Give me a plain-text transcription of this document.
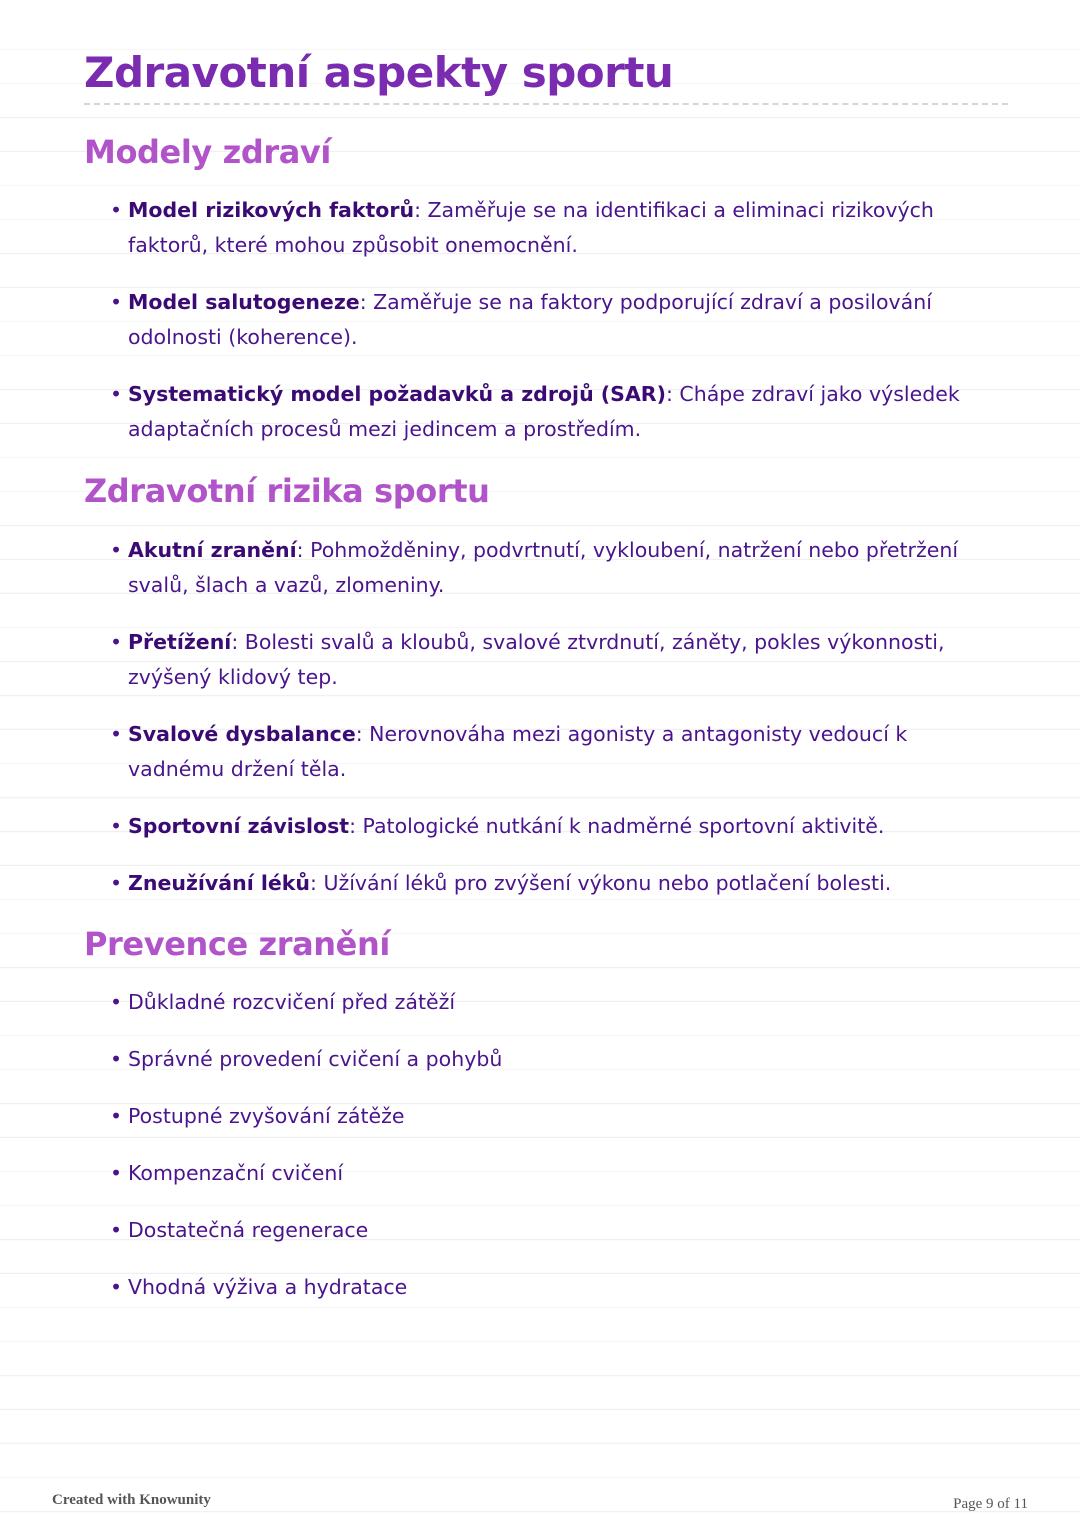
Zdravotní aspekty sportu
Modely zdraví
• Model rizikových faktorů: Zaměřuje se na identifikaci a eliminaci rizikových
faktorů, které mohou způsobit onemocnění.
• Model salutogeneze: Zaměřuje se na faktory podporující zdraví a posilování
odolnosti (koherence).
• Systematický model požadavků a zdrojů (SAR): Chápe zdraví jako výsledek
adaptačních procesů mezi jedincem a prostředím.
Zdravotní rizika sportu
• Akutní zranění: Pohmožděniny, podvrtnutí, vykloubení, natržení nebo přetržení
svalů, šlach a vazů, zlomeniny.
• Přetížení: Bolesti svalů a kloubů, svalové ztvrdnutí, záněty, pokles výkonnosti,
zvýšený klidový tep.
• Svalové dysbalance: Nerovnováha mezi agonisty a antagonisty vedoucí k
vadnému držení těla.
• Sportovní závislost: Patologické nutkání k nadměrné sportovní aktivitě.
• Zneužívání léků: Užívání léků pro zvýšení výkonu nebo potlačení bolesti.
Prevence zranění
• Důkladné rozcvičení před zátěží
• Správné provedení cvičení a pohybů
• Postupné zvyšování zátěže
• Kompenzační cvičení
• Dostatečná regenerace
• Vhodná výživa a hydratace
Created with Knowunity	Page 9 of 11
